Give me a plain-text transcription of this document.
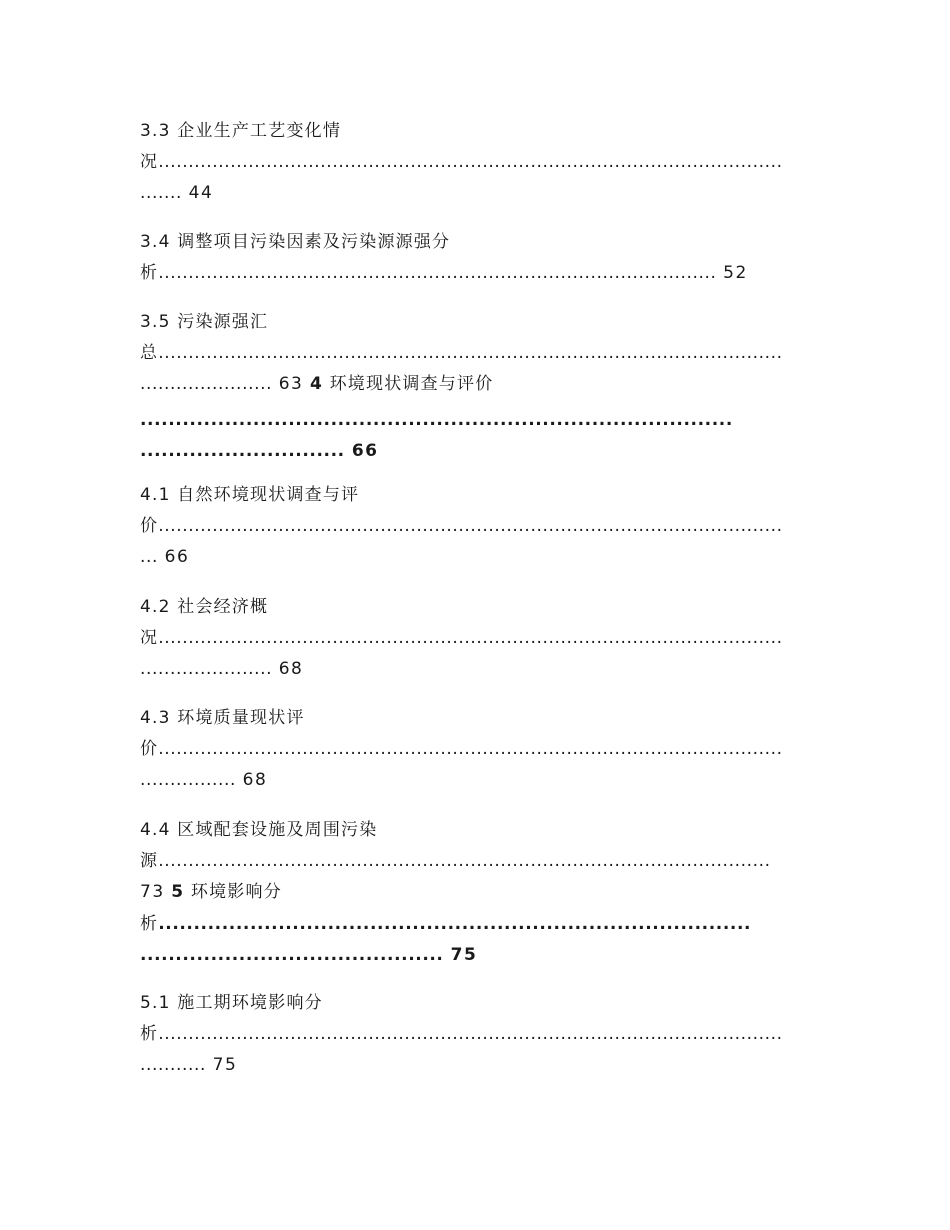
3.3 企业生产工艺变化情
况........................................................................................................
....... 44
3.4 调整项目污染因素及污染源源强分
析............................................................................................. 52
3.5 污染源强汇
总........................................................................................................
...................... 63 4 环境现状调查与评价
....................................................................................
............................. 66
4.1 自然环境现状调查与评
价........................................................................................................
... 66
4.2 社会经济概
况........................................................................................................
...................... 68
4.3 环境质量现状评
价........................................................................................................
................ 68
4.4 区域配套设施及周围污染
源......................................................................................................
73 5 环境影响分
析....................................................................................
........................................... 75
5.1 施工期环境影响分
析........................................................................................................
........... 75
